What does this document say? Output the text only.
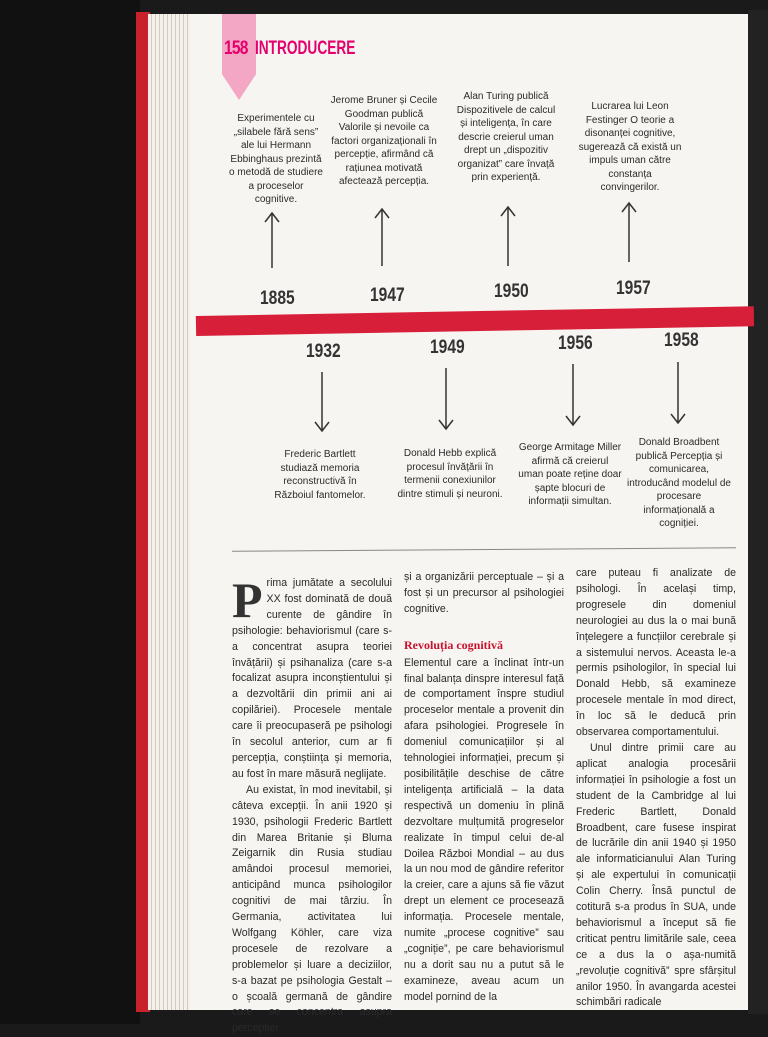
158 INTRODUCERE
Experimentele cu „silabele fără sens” ale lui Hermann Ebbinghaus prezintă o metodă de studiere a proceselor cognitive.
Jerome Bruner și Cecile Goodman publică Valorile și nevoile ca factori organizaționali în percepție, afirmând că rațiunea motivată afectează percepția.
Alan Turing publică Dispozitivele de calcul și inteligența, în care descrie creierul uman drept un „dispozitiv organizat” care învață prin experiență.
Lucrarea lui Leon Festinger O teorie a disonanței cognitive, sugerează că există un impuls uman către constanța convingerilor.
1885	1947	1950	1957
1932	1949	1956	1958
Frederic Bartlett studiază memoria reconstructivă în Războiul fantomelor.
Donald Hebb explică procesul învățării în termenii conexiunilor dintre stimuli și neuroni.
George Armitage Miller afirmă că creierul uman poate reține doar șapte blocuri de informații simultan.
Donald Broadbent publică Percepția și comunicarea, introducând modelul de procesare informațională a cogniției.

Prima jumătate a secolului XX fost dominată de două curente de gândire în psihologie: behaviorismul (care s-a concentrat asupra teoriei învățării) și psihanaliza (care s-a focalizat asupra inconștientului și a dezvoltării din primii ani ai copilăriei). Procesele mentale care îi preocupaseră pe psihologi în secolul anterior, cum ar fi percepția, conștiința și memoria, au fost în mare măsură neglijate.

Au existat, în mod inevitabil, și câteva excepții. În anii 1920 și 1930, psihologii Frederic Bartlett din Marea Britanie și Bluma Zeigarnik din Rusia studiau amândoi procesul memoriei, anticipând munca psihologilor cognitivi de mai târziu. În Germania, activitatea lui Wolfgang Köhler, care viza procesele de rezolvare a problemelor și luare a deciziilor, s-a bazat pe psihologia Gestalt – o școală germană de gândire care se concentra asupra percepției

și a organizării perceptuale – și a fost și un precursor al psihologiei cognitive.

Revoluția cognitivă

Elementul care a înclinat într-un final balanța dinspre interesul față de comportament înspre studiul proceselor mentale a provenit din afara psihologiei. Progresele în domeniul comunicațiilor și al tehnologiei informației, precum și posibilitățile deschise de către inteligența artificială – la data respectivă un domeniu în plină dezvoltare mulțumită progreselor realizate în timpul celui de-al Doilea Război Mondial – au dus la un nou mod de gândire referitor la creier, care a ajuns să fie văzut drept un element ce procesează informația. Procesele mentale, numite „procese cognitive” sau „cogniție”, pe care behaviorismul nu a dorit sau nu a putut să le examineze, aveau acum un model pornind de la

care puteau fi analizate de psihologi. În același timp, progresele din domeniul neurologiei au dus la o mai bună înțelegere a funcțiilor cerebrale și a sistemului nervos. Aceasta le-a permis psihologilor, în special lui Donald Hebb, să examineze procesele mentale în mod direct, în loc să le deducă prin observarea comportamentului.

Unul dintre primii care au aplicat analogia procesării informației în psihologie a fost un student de la Cambridge al lui Frederic Bartlett, Donald Broadbent, care fusese inspirat de lucrările din anii 1940 și 1950 ale informaticianului Alan Turing și ale expertului în comunicații Colin Cherry. Însă punctul de cotitură s-a produs în SUA, unde behaviorismul a început să fie criticat pentru limitările sale, ceea ce a dus la o așa-numită „revoluție cognitivă” spre sfârșitul anilor 1950. În avangarda acestei schimbări radicale
